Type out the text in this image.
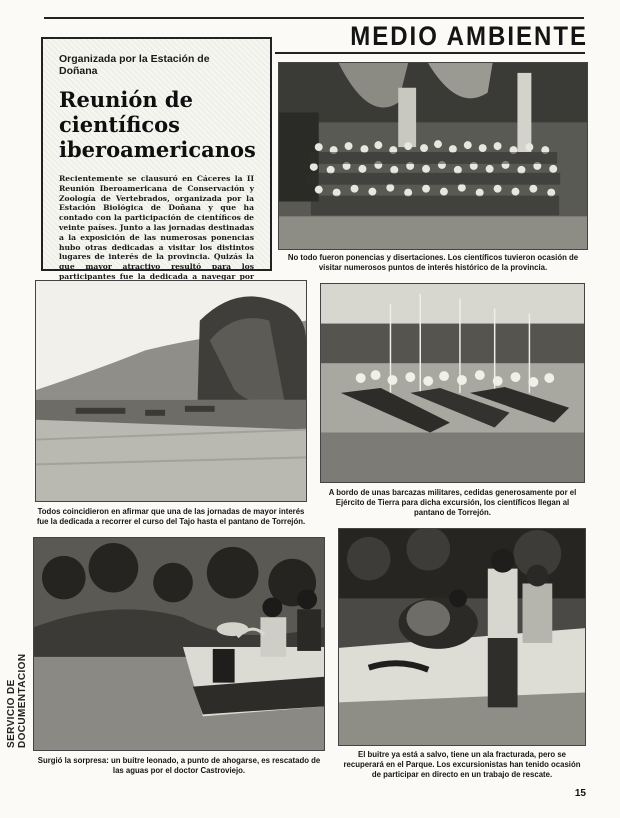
MEDIO AMBIENTE
SERVICIO DE DOCUMENTACION
Organizada por la Estación de Doñana
Reunión de científicos iberoamericanos
Recientemente se clausuró en Cáceres la II Reunión Iberoamericana de Conservación y Zoología de Vertebrados, organizada por la Estación Biológica de Doñana y que ha contado con la participación de científicos de veinte países. Junto a las jornadas destinadas a la exposición de las numerosas ponencias hubo otras dedicadas a visitar los distintos lugares de interés de la provincia. Quizás la que mayor atractivo resultó para los participantes fue la dedicada a navegar por
No todo fueron ponencias y disertaciones. Los científicos tuvieron ocasión de visitar numerosos puntos de interés histórico de la provincia.
Todos coincidieron en afirmar que una de las jornadas de mayor interés fue la dedicada a recorrer el curso del Tajo hasta el pantano de Torrejón.
A bordo de unas barcazas militares, cedidas generosamente por el Ejército de Tierra para dicha excursión, los científicos llegan al pantano de Torrejón.
Surgió la sorpresa: un buitre leonado, a punto de ahogarse, es rescatado de las aguas por el doctor Castroviejo.
El buitre ya está a salvo, tiene un ala fracturada, pero se recuperará en el Parque. Los excursionistas han tenido ocasión de participar en directo en un trabajo de rescate.
15
